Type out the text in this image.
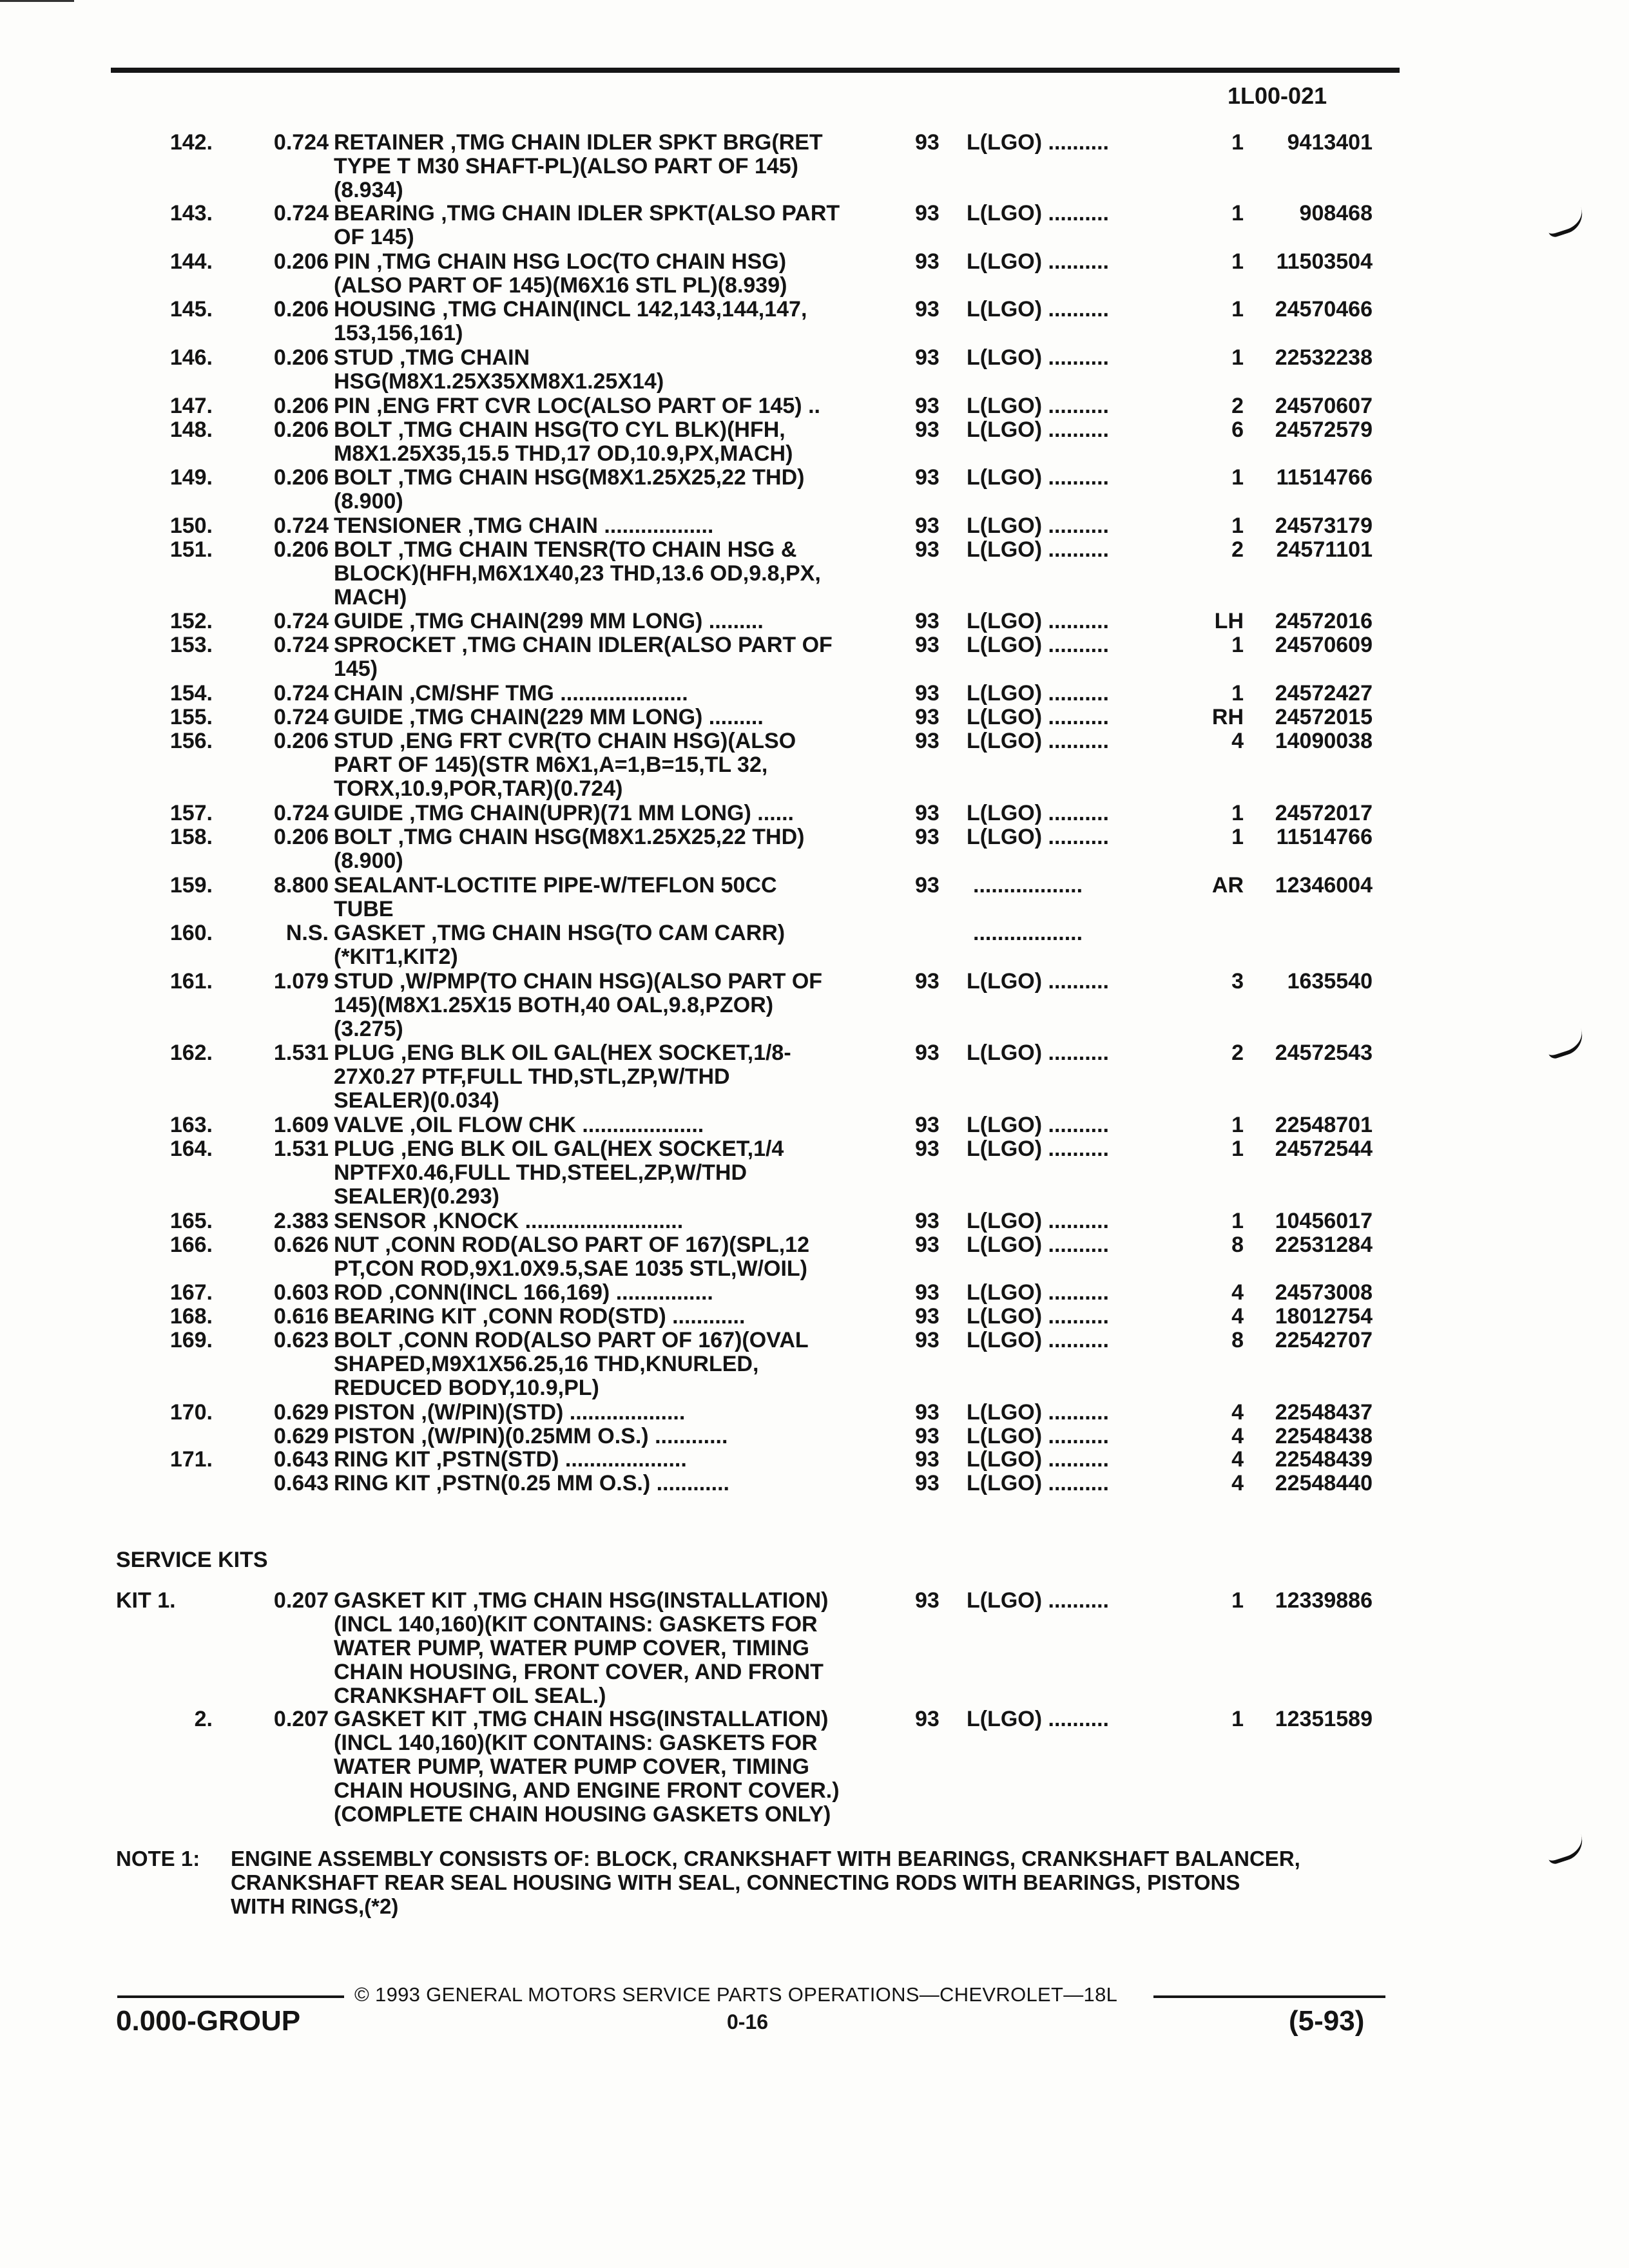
1L00-021
142.	0.724 RETAINER ,TMG CHAIN IDLER SPKT BRG(RET
TYPE T M30 SHAFT-PL)(ALSO PART OF 145)
(8.934)
93 L(LGO) ..........	1	9413401
143.	0.724 BEARING ,TMG CHAIN IDLER SPKT(ALSO PART
OF 145)
93 L(LGO) ..........	1	908468
144.	0.206 PIN ,TMG CHAIN HSG LOC(TO CHAIN HSG)
(ALSO PART OF 145)(M6X16 STL PL)(8.939)
93 L(LGO) ..........	1	11503504
145.	0.206 HOUSING ,TMG CHAIN(INCL 142,143,144,147,
153,156,161)
93 L(LGO) ..........	1	24570466
146.	0.206 STUD ,TMG CHAIN
HSG(M8X1.25X35XM8X1.25X14)
93 L(LGO) ..........	1	22532238
147.	0.206 PIN ,ENG FRT CVR LOC(ALSO PART OF 145) ..	93 L(LGO) ..........	2	24570607
148.	0.206 BOLT ,TMG CHAIN HSG(TO CYL BLK)(HFH,
M8X1.25X35,15.5 THD,17 OD,10.9,PX,MACH)
93 L(LGO) ..........	6	24572579
149.	0.206 BOLT ,TMG CHAIN HSG(M8X1.25X25,22 THD)
(8.900)
93 L(LGO) ..........	1	11514766
150.	0.724 TENSIONER ,TMG CHAIN ..................	93 L(LGO) ..........	1	24573179
151.	0.206 BOLT ,TMG CHAIN TENSR(TO CHAIN HSG &
BLOCK)(HFH,M6X1X40,23 THD,13.6 OD,9.8,PX,
MACH)
93 L(LGO) ..........	2	24571101
152.	0.724 GUIDE ,TMG CHAIN(299 MM LONG) .........	93 L(LGO) ..........	LH	24572016
153.	0.724 SPROCKET ,TMG CHAIN IDLER(ALSO PART OF
145)
93 L(LGO) ..........	1	24570609
154.	0.724 CHAIN ,CM/SHF TMG .....................	93 L(LGO) ..........	1	24572427
155.	0.724 GUIDE ,TMG CHAIN(229 MM LONG) .........	93 L(LGO) ..........	RH	24572015
156.	0.206 STUD ,ENG FRT CVR(TO CHAIN HSG)(ALSO
PART OF 145)(STR M6X1,A=1,B=15,TL 32,
TORX,10.9,POR,TAR)(0.724)
93 L(LGO) ..........	4	14090038
157.	0.724 GUIDE ,TMG CHAIN(UPR)(71 MM LONG) ......	93 L(LGO) ..........	1	24572017
158.	0.206 BOLT ,TMG CHAIN HSG(M8X1.25X25,22 THD)
(8.900)
93 L(LGO) ..........	1	11514766
159.	8.800 SEALANT-LOCTITE PIPE-W/TEFLON 50CC
TUBE
93 ..................	AR	12346004
160.	N.S. GASKET ,TMG CHAIN HSG(TO CAM CARR)
(*KIT1,KIT2)
..................
161.	1.079 STUD ,W/PMP(TO CHAIN HSG)(ALSO PART OF
145)(M8X1.25X15 BOTH,40 OAL,9.8,PZOR)
(3.275)
93 L(LGO) ..........	3	1635540
162.	1.531 PLUG ,ENG BLK OIL GAL(HEX SOCKET,1/8-
27X0.27 PTF,FULL THD,STL,ZP,W/THD
SEALER)(0.034)
93 L(LGO) ..........	2	24572543
163.	1.609 VALVE ,OIL FLOW CHK ....................	93 L(LGO) ..........	1	22548701
164.	1.531 PLUG ,ENG BLK OIL GAL(HEX SOCKET,1/4
NPTFX0.46,FULL THD,STEEL,ZP,W/THD
SEALER)(0.293)
93 L(LGO) ..........	1	24572544
165.	2.383 SENSOR ,KNOCK ..........................	93 L(LGO) ..........	1	10456017
166.	0.626 NUT ,CONN ROD(ALSO PART OF 167)(SPL,12
PT,CON ROD,9X1.0X9.5,SAE 1035 STL,W/OIL)
93 L(LGO) ..........	8	22531284
167.	0.603 ROD ,CONN(INCL 166,169) ................	93 L(LGO) ..........	4	24573008
168.	0.616 BEARING KIT ,CONN ROD(STD) ............	93 L(LGO) ..........	4	18012754
169.	0.623 BOLT ,CONN ROD(ALSO PART OF 167)(OVAL
SHAPED,M9X1X56.25,16 THD,KNURLED,
REDUCED BODY,10.9,PL)
93 L(LGO) ..........	8	22542707
170.	0.629 PISTON ,(W/PIN)(STD) ...................	93 L(LGO) ..........	4	22548437
0.629 PISTON ,(W/PIN)(0.25MM O.S.) ............	93 L(LGO) ..........	4	22548438
171.	0.643 RING KIT ,PSTN(STD) ....................	93 L(LGO) ..........	4	22548439
0.643 RING KIT ,PSTN(0.25 MM O.S.) ............	93 L(LGO) ..........	4	22548440
KIT 1.	0.207 GASKET KIT ,TMG CHAIN HSG(INSTALLATION)
(INCL 140,160)(KIT CONTAINS: GASKETS FOR
WATER PUMP, WATER PUMP COVER, TIMING
CHAIN HOUSING, FRONT COVER, AND FRONT
CRANKSHAFT OIL SEAL.)
93 L(LGO) ..........	1	12339886
2.	0.207 GASKET KIT ,TMG CHAIN HSG(INSTALLATION)
(INCL 140,160)(KIT CONTAINS: GASKETS FOR
WATER PUMP, WATER PUMP COVER, TIMING
CHAIN HOUSING, AND ENGINE FRONT COVER.)
(COMPLETE CHAIN HOUSING GASKETS ONLY)
93 L(LGO) ..........	1	12351589
SERVICE KITS
NOTE 1: ENGINE ASSEMBLY CONSISTS OF: BLOCK, CRANKSHAFT WITH BEARINGS, CRANKSHAFT BALANCER,
CRANKSHAFT REAR SEAL HOUSING WITH SEAL, CONNECTING RODS WITH BEARINGS, PISTONS
WITH RINGS,(*2)
© 1993 GENERAL MOTORS SERVICE PARTS OPERATIONS—CHEVROLET—18L
0.000-GROUP	0-16	(5-93)
